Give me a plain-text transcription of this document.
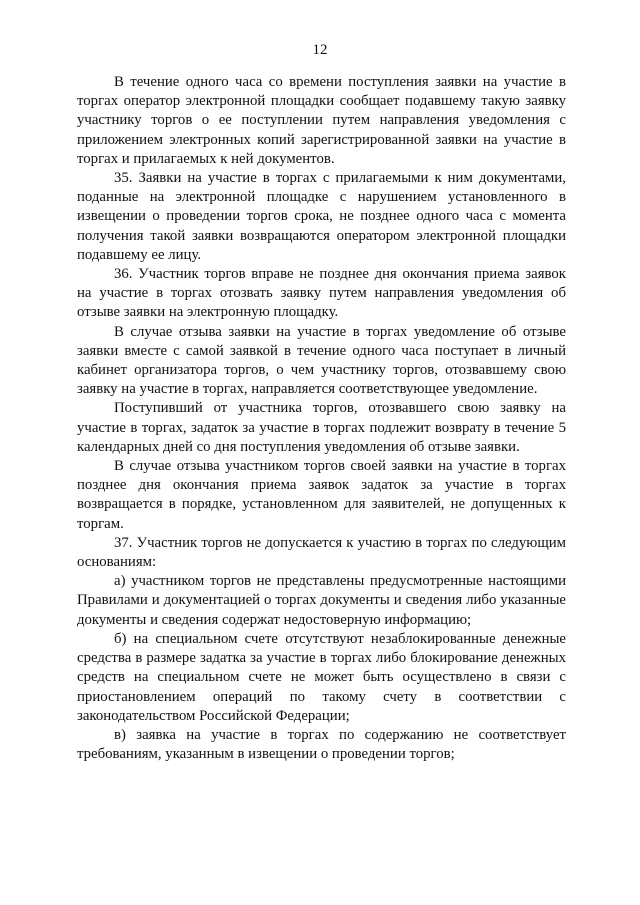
12

В течение одного часа со времени поступления заявки на участие в торгах оператор электронной площадки сообщает подавшему такую заявку участнику торгов о ее поступлении путем направления уведомления с приложением электронных копий зарегистрированной заявки на участие в торгах и прилагаемых к ней документов.

35. Заявки на участие в торгах с прилагаемыми к ним документами, поданные на электронной площадке с нарушением установленного в извещении о проведении торгов срока, не позднее одного часа с момента получения такой заявки возвращаются оператором электронной площадки подавшему ее лицу.

36. Участник торгов вправе не позднее дня окончания приема заявок на участие в торгах отозвать заявку путем направления уведомления об отзыве заявки на электронную площадку.

В случае отзыва заявки на участие в торгах уведомление об отзыве заявки вместе с самой заявкой в течение одного часа поступает в личный кабинет организатора торгов, о чем участнику торгов, отозвавшему свою заявку на участие в торгах, направляется соответствующее уведомление.

Поступивший от участника торгов, отозвавшего свою заявку на участие в торгах, задаток за участие в торгах подлежит возврату в течение 5 календарных дней со дня поступления уведомления об отзыве заявки.

В случае отзыва участником торгов своей заявки на участие в торгах позднее дня окончания приема заявок задаток за участие в торгах возвращается в порядке, установленном для заявителей, не допущенных к торгам.

37. Участник торгов не допускается к участию в торгах по следующим основаниям:

а) участником торгов не представлены предусмотренные настоящими Правилами и документацией о торгах документы и сведения либо указанные документы и сведения содержат недостоверную информацию;

б) на специальном счете отсутствуют незаблокированные денежные средства в размере задатка за участие в торгах либо блокирование денежных средств на специальном счете не может быть осуществлено в связи с приостановлением операций по такому счету в соответствии с законодательством Российской Федерации;

в) заявка на участие в торгах по содержанию не соответствует требованиям, указанным в извещении о проведении торгов;
